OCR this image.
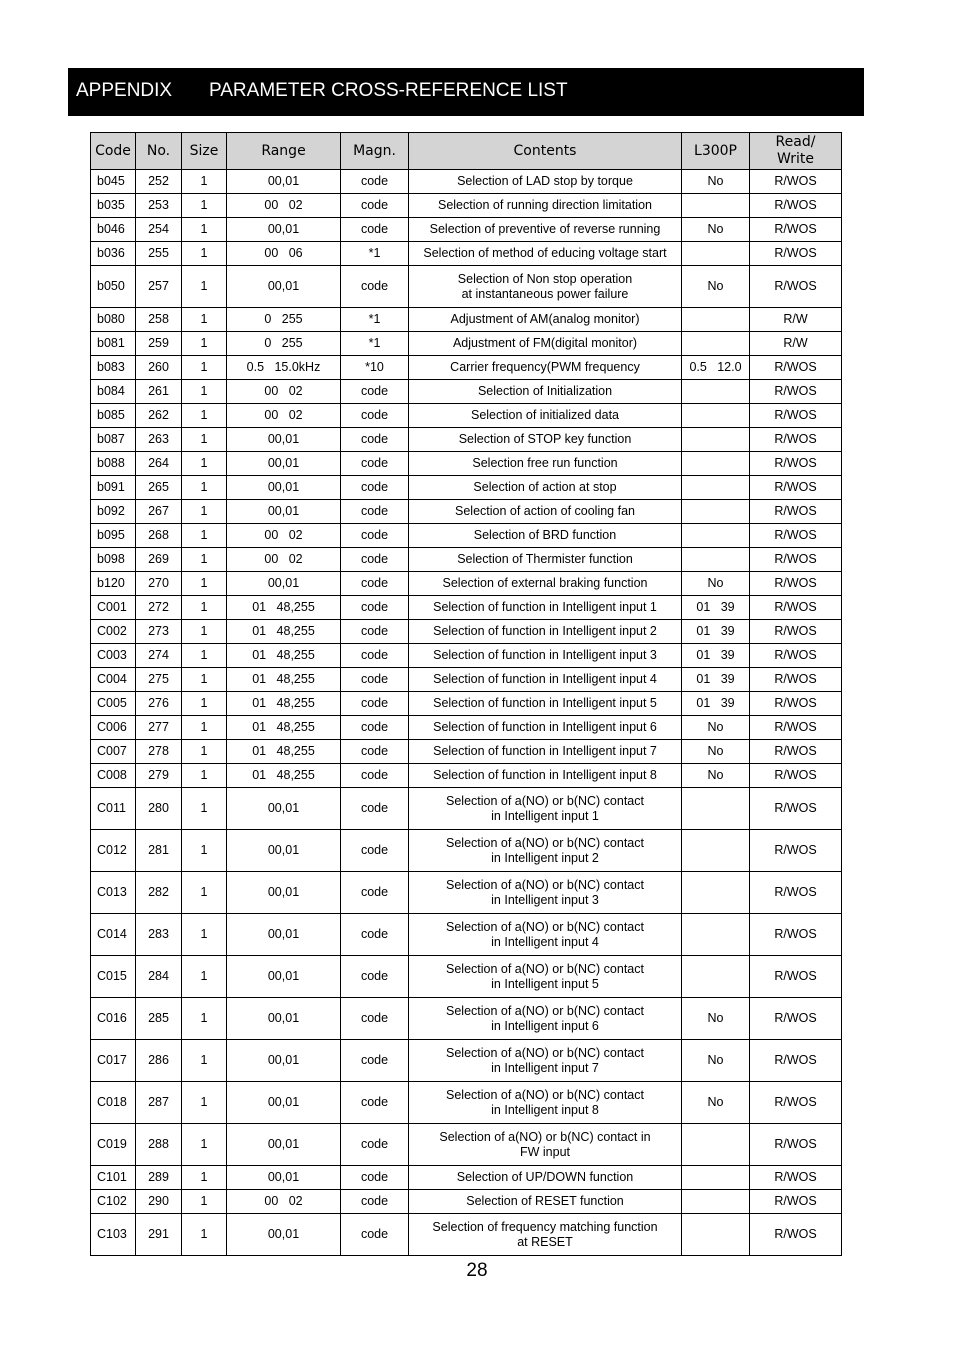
APPENDIX PARAMETER CROSS-REFERENCE LIST
Code	No.	Size	Range	Magn.	Contents	L300P	Read/
Write
b045	252	1	00,01	code	Selection of LAD stop by torque	No	R/WOS
b035	253	1	00   02	code	Selection of running direction limitation		R/WOS
b046	254	1	00,01	code	Selection of preventive of reverse running	No	R/WOS
b036	255	1	00   06	*1	Selection of method of educing voltage start		R/WOS
b050	257	1	00,01	code	Selection of Non stop operation
at instantaneous power failure	No	R/WOS
b080	258	1	0   255	*1	Adjustment of AM(analog monitor)		R/W
b081	259	1	0   255	*1	Adjustment of FM(digital monitor)		R/W
b083	260	1	0.5   15.0kHz	*10	Carrier frequency(PWM frequency	0.5   12.0	R/WOS
b084	261	1	00   02	code	Selection of Initialization		R/WOS
b085	262	1	00   02	code	Selection of initialized data		R/WOS
b087	263	1	00,01	code	Selection of STOP key function		R/WOS
b088	264	1	00,01	code	Selection free run function		R/WOS
b091	265	1	00,01	code	Selection of action at stop		R/WOS
b092	267	1	00,01	code	Selection of action of cooling fan		R/WOS
b095	268	1	00   02	code	Selection of BRD function		R/WOS
b098	269	1	00   02	code	Selection of Thermister function		R/WOS
b120	270	1	00,01	code	Selection of external braking function	No	R/WOS
C001	272	1	01   48,255	code	Selection of function in Intelligent input 1	01   39	R/WOS
C002	273	1	01   48,255	code	Selection of function in Intelligent input 2	01   39	R/WOS
C003	274	1	01   48,255	code	Selection of function in Intelligent input 3	01   39	R/WOS
C004	275	1	01   48,255	code	Selection of function in Intelligent input 4	01   39	R/WOS
C005	276	1	01   48,255	code	Selection of function in Intelligent input 5	01   39	R/WOS
C006	277	1	01   48,255	code	Selection of function in Intelligent input 6	No	R/WOS
C007	278	1	01   48,255	code	Selection of function in Intelligent input 7	No	R/WOS
C008	279	1	01   48,255	code	Selection of function in Intelligent input 8	No	R/WOS
C011	280	1	00,01	code	Selection of a(NO) or b(NC) contact
in Intelligent input 1		R/WOS
C012	281	1	00,01	code	Selection of a(NO) or b(NC) contact
in Intelligent input 2		R/WOS
C013	282	1	00,01	code	Selection of a(NO) or b(NC) contact
in Intelligent input 3		R/WOS
C014	283	1	00,01	code	Selection of a(NO) or b(NC) contact
in Intelligent input 4		R/WOS
C015	284	1	00,01	code	Selection of a(NO) or b(NC) contact
in Intelligent input 5		R/WOS
C016	285	1	00,01	code	Selection of a(NO) or b(NC) contact
in Intelligent input 6	No	R/WOS
C017	286	1	00,01	code	Selection of a(NO) or b(NC) contact
in Intelligent input 7	No	R/WOS
C018	287	1	00,01	code	Selection of a(NO) or b(NC) contact
in Intelligent input 8	No	R/WOS
C019	288	1	00,01	code	Selection of a(NO) or b(NC) contact in
FW input		R/WOS
C101	289	1	00,01	code	Selection of UP/DOWN function		R/WOS
C102	290	1	00   02	code	Selection of RESET function		R/WOS
C103	291	1	00,01	code	Selection of frequency matching function
at RESET		R/WOS
28
